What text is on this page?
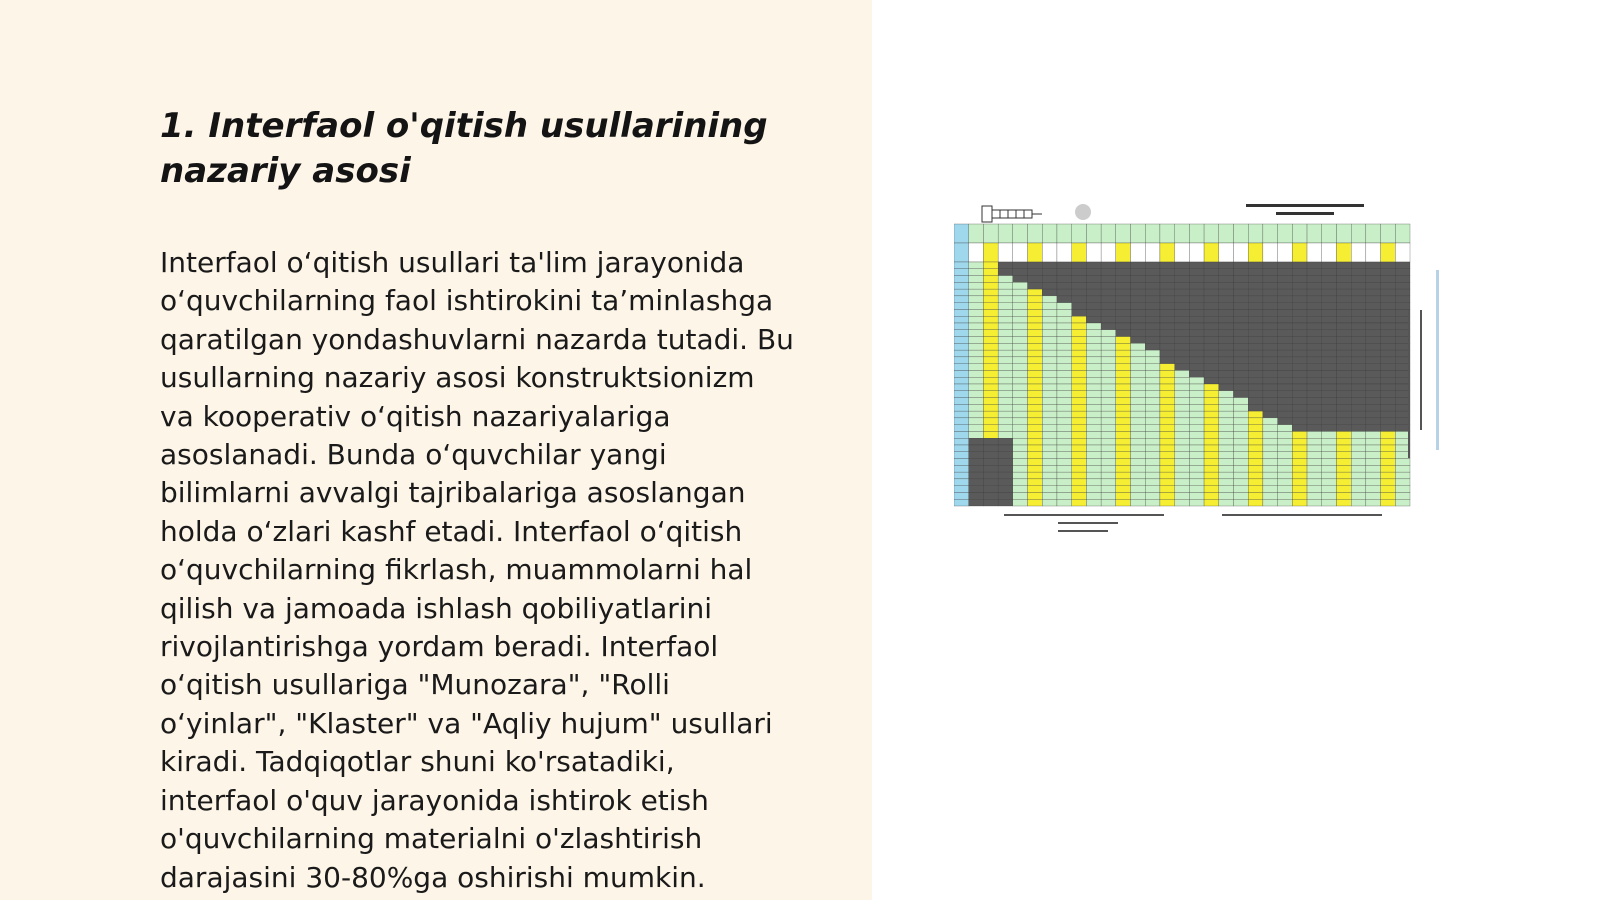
1. Interfaol o'qitish usullarining
nazariy asosi

Interfaol o‘qitish usullari ta'lim jarayonida
o‘quvchilarning faol ishtirokini ta’minlashga
qaratilgan yondashuvlarni nazarda tutadi. Bu
usullarning nazariy asosi konstruktsionizm
va kooperativ o‘qitish nazariyalariga
asoslanadi. Bunda o‘quvchilar yangi
bilimlarni avvalgi tajribalariga asoslangan
holda o‘zlari kashf etadi. Interfaol o‘qitish
o‘quvchilarning fikrlash, muammolarni hal
qilish va jamoada ishlash qobiliyatlarini
rivojlantirishga yordam beradi. Interfaol
o‘qitish usullariga "Munozara", "Rolli
o‘yinlar", "Klaster" va "Aqliy hujum" usullari
kiradi. Tadqiqotlar shuni ko'rsatadiki,
interfaol o'quv jarayonida ishtirok etish
o'quvchilarning materialni o'zlashtirish
darajasini 30-80%ga oshirishi mumkin.
